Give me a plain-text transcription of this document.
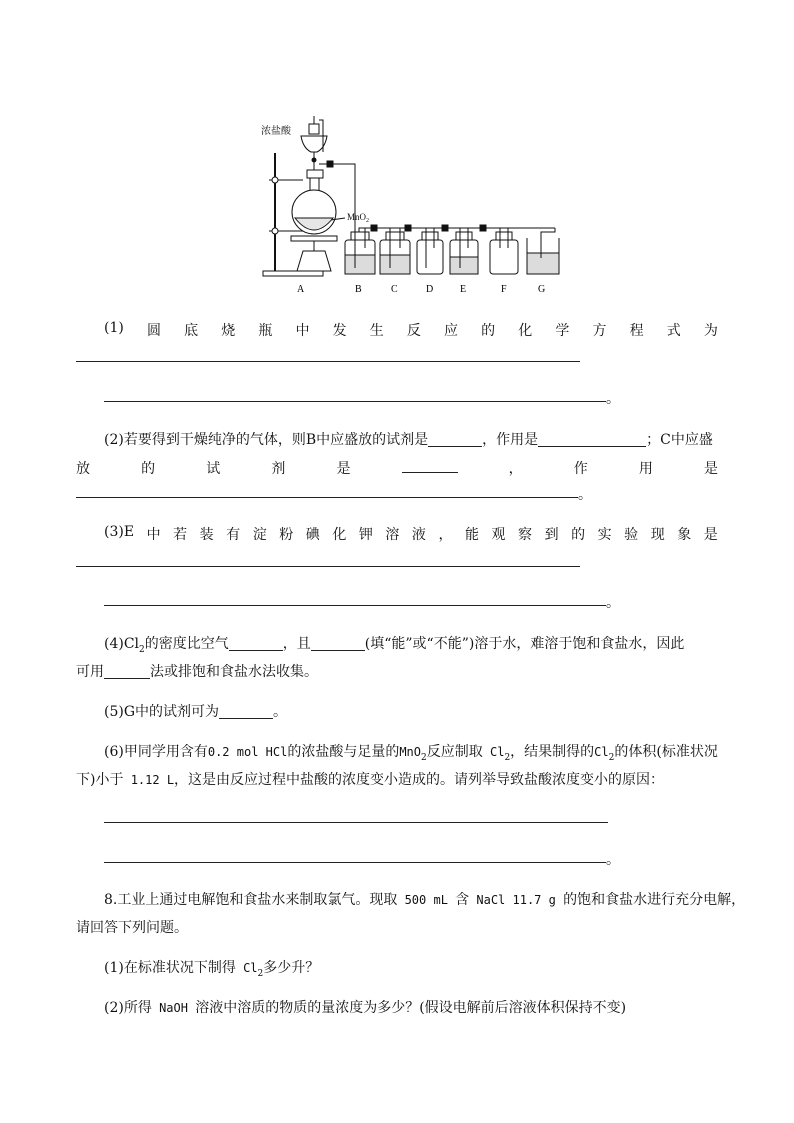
浓盐酸
MnO$_2$
A	B	C	D	E	F	G
(1) 圆 底 烧 瓶 中 发 生 反 应 的 化 学 方 程 式 为
。
(2)若要得到干燥纯净的气体，则B中应盛放的试剂是	，作用是	；C中应盛
放	的	试	剂	是	，	作	用	是
。
(3)E 中 若 装 有 淀 粉 碘 化 钾 溶 液 ， 能 观 察 到 的 实 验 现 象 是
。
$(4)Cl_2$的密度比空气	，且	(填“能”或“不能”)溶于水，难溶于饱和食盐水，因此
可用	法或排饱和食盐水法收集。
(5)G中的试剂可为	。
(6)甲同学用含有0.2 mol HCl的浓盐酸与足量的MnO$_2$反应制取 $Cl_2$，结果制得的$Cl_2$的体积(标准状况
下)小于 1.12 L，这是由反应过程中盐酸的浓度变小造成的。请列举导致盐酸浓度变小的原因：
。
8.工业上通过电解饱和食盐水来制取氯气。现取 500 mL 含 NaCl 11.7 g 的饱和食盐水进行充分电解，
请回答下列问题。
(1)在标准状况下制得 $Cl_2$多少升？
(2)所得 NaOH 溶液中溶质的物质的量浓度为多少？(假设电解前后溶液体积保持不变)
